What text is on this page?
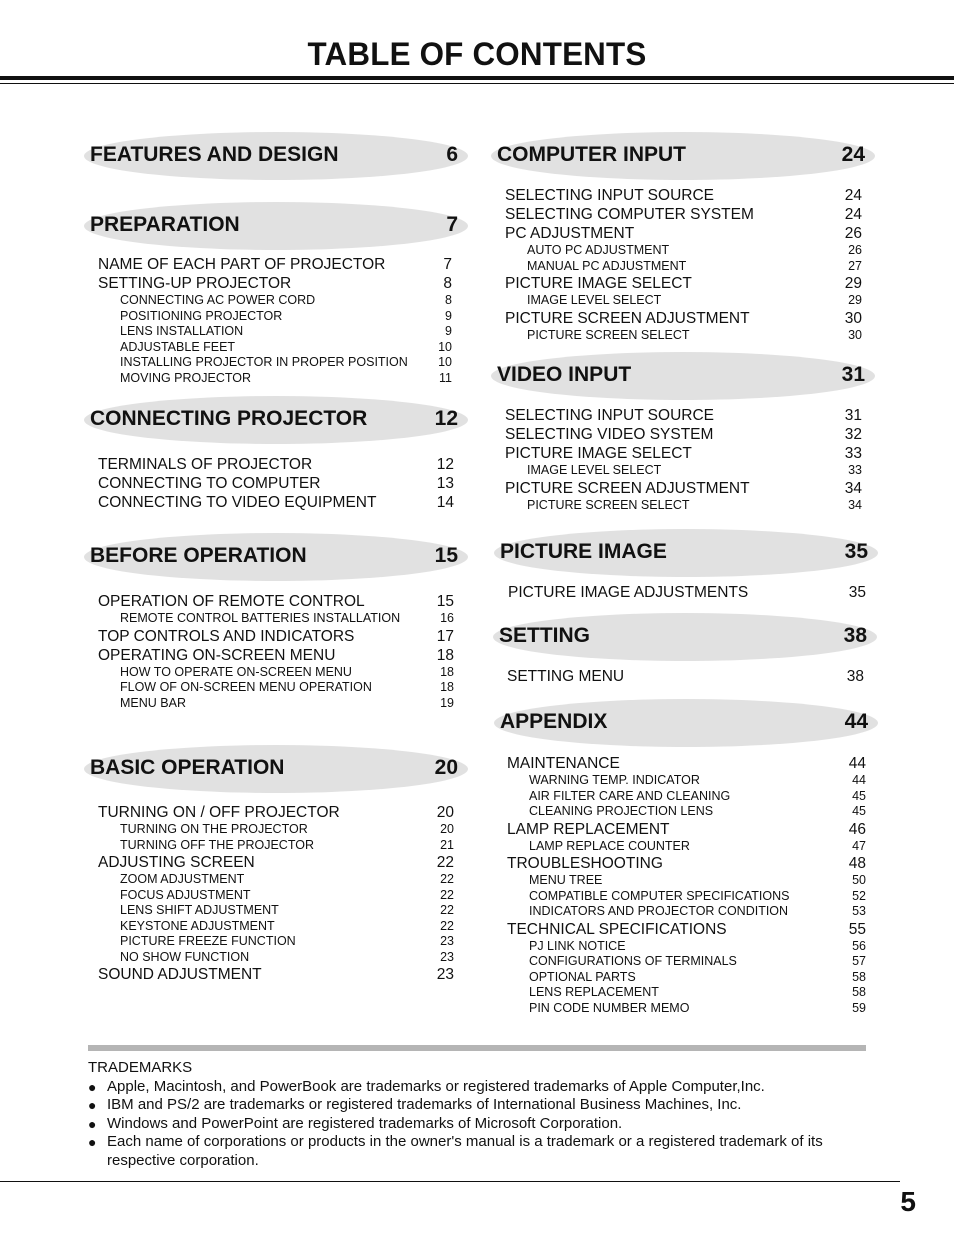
TABLE OF CONTENTS
FEATURES AND DESIGN	6
PREPARATION	7
NAME OF EACH PART OF PROJECTOR	7
SETTING-UP PROJECTOR	8
CONNECTING AC POWER CORD	8
POSITIONING PROJECTOR	9
LENS INSTALLATION	9
ADJUSTABLE FEET	10
INSTALLING PROJECTOR IN PROPER POSITION 10
MOVING PROJECTOR	11
CONNECTING PROJECTOR	12
TERMINALS OF PROJECTOR	12
CONNECTING TO COMPUTER	13
CONNECTING TO VIDEO EQUIPMENT	14
BEFORE OPERATION	15
OPERATION OF REMOTE CONTROL	15
REMOTE CONTROL BATTERIES INSTALLATION	16
TOP CONTROLS AND INDICATORS	17
OPERATING ON-SCREEN MENU	18
HOW TO OPERATE ON-SCREEN MENU	18
FLOW OF ON-SCREEN MENU OPERATION	18
MENU BAR	19
BASIC OPERATION	20
TURNING ON / OFF PROJECTOR	20
TURNING ON THE PROJECTOR	20
TURNING OFF THE PROJECTOR	21
ADJUSTING SCREEN	22
ZOOM ADJUSTMENT	22
FOCUS ADJUSTMENT	22
LENS SHIFT ADJUSTMENT	22
KEYSTONE ADJUSTMENT	22
PICTURE FREEZE FUNCTION	23
NO SHOW FUNCTION	23
SOUND ADJUSTMENT	23
COMPUTER INPUT	24
SELECTING INPUT SOURCE	24
SELECTING COMPUTER SYSTEM	24
PC ADJUSTMENT	26
AUTO PC ADJUSTMENT	26
MANUAL PC ADJUSTMENT	27
PICTURE IMAGE SELECT	29
IMAGE LEVEL SELECT	29
PICTURE SCREEN ADJUSTMENT	30
PICTURE SCREEN SELECT	30
VIDEO INPUT	31
SELECTING INPUT SOURCE	31
SELECTING VIDEO SYSTEM	32
PICTURE IMAGE SELECT	33
IMAGE LEVEL SELECT	33
PICTURE SCREEN ADJUSTMENT	34
PICTURE SCREEN SELECT	34
PICTURE IMAGE	35
PICTURE IMAGE ADJUSTMENTS	35
SETTING	38
SETTING MENU	38
APPENDIX	44
MAINTENANCE	44
WARNING TEMP. INDICATOR	44
AIR FILTER CARE AND CLEANING	45
CLEANING PROJECTION LENS	45
LAMP REPLACEMENT	46
LAMP REPLACE COUNTER	47
TROUBLESHOOTING	48
MENU TREE	50
COMPATIBLE COMPUTER SPECIFICATIONS	52
INDICATORS AND PROJECTOR CONDITION	53
TECHNICAL SPECIFICATIONS	55
PJ LINK NOTICE	56
CONFIGURATIONS OF TERMINALS	57
OPTIONAL PARTS	58
LENS REPLACEMENT	58
PIN CODE NUMBER MEMO	59
TRADEMARKS
● Apple, Macintosh, and PowerBook are trademarks or registered trademarks of Apple Computer,Inc.
● IBM and PS/2 are trademarks or registered trademarks of International Business Machines, Inc.
● Windows and PowerPoint are registered trademarks of Microsoft Corporation.
● Each name of corporations or products in the owner's manual is a trademark or a registered trademark of its respective corporation.
5
